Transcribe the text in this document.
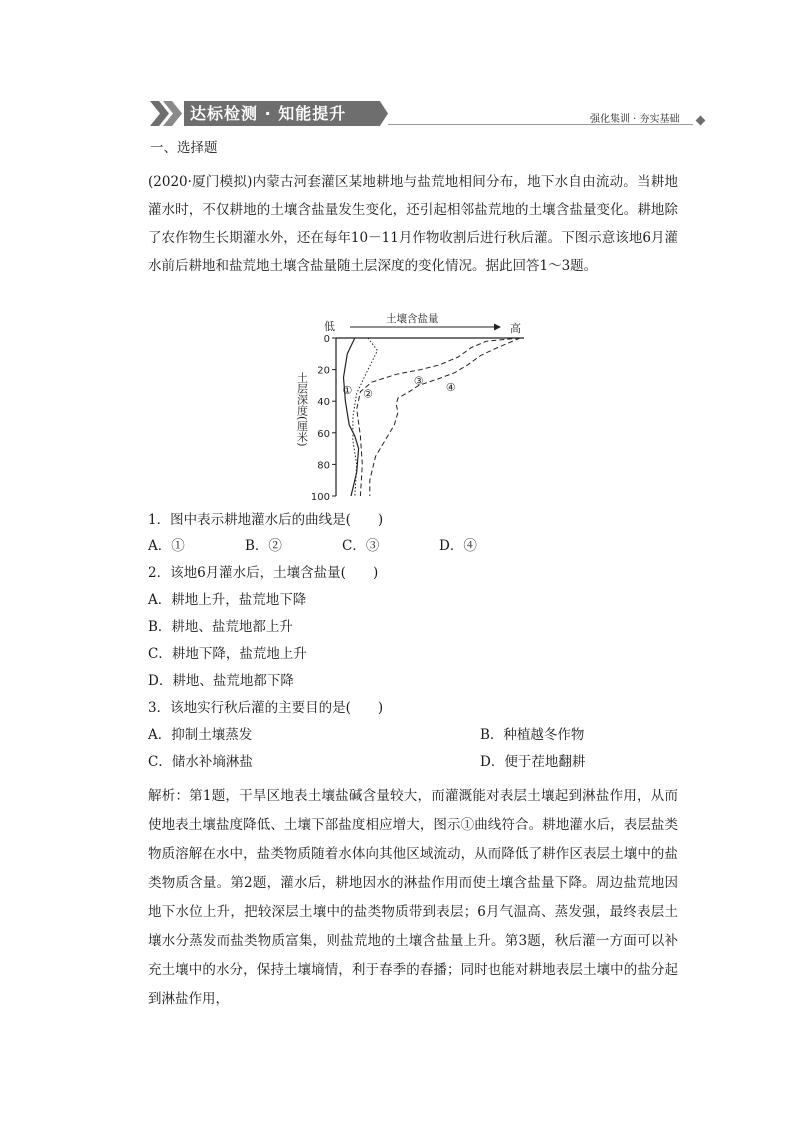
达标检测 · 知能提升	强化集训 · 夯实基础
一、选择题
(2020·厦门模拟)内蒙古河套灌区某地耕地与盐荒地相间分布，地下水自由流动。当耕地灌水时，不仅耕地的土壤含盐量发生变化，还引起相邻盐荒地的土壤含盐量变化。耕地除了农作物生长期灌水外，还在每年10－11月作物收割后进行秋后灌。下图示意该地6月灌水前后耕地和盐荒地土壤含盐量随土层深度的变化情况。据此回答1～3题。
土层深度(厘米)
低	高
土壤含盐量
0
20
40
60
80
100
① ②
③ ④
1．图中表示耕地灌水后的曲线是(　　)
A．①	B．②	C．③	D．④
2．该地6月灌水后，土壤含盐量(　　)
A．耕地上升，盐荒地下降
B．耕地、盐荒地都上升
C．耕地下降，盐荒地上升
D．耕地、盐荒地都下降
3．该地实行秋后灌的主要目的是(　　)
A．抑制土壤蒸发	B．种植越冬作物
C．储水补墒淋盐	D．便于茬地翻耕

解析：第1题，干旱区地表土壤盐碱含量较大，而灌溉能对表层土壤起到淋盐作用，从而使地表土壤盐度降低、土壤下部盐度相应增大，图示①曲线符合。耕地灌水后，表层盐类物质溶解在水中，盐类物质随着水体向其他区域流动，从而降低了耕作区表层土壤中的盐类物质含量。第2题，灌水后，耕地因水的淋盐作用而使土壤含盐量下降。周边盐荒地因地下水位上升，把较深层土壤中的盐类物质带到表层；6月气温高、蒸发强，最终表层土壤水分蒸发而盐类物质富集，则盐荒地的土壤含盐量上升。第3题，秋后灌一方面可以补充土壤中的水分，保持土壤墒情，利于春季的春播；同时也能对耕地表层土壤中的盐分起到淋盐作用，
